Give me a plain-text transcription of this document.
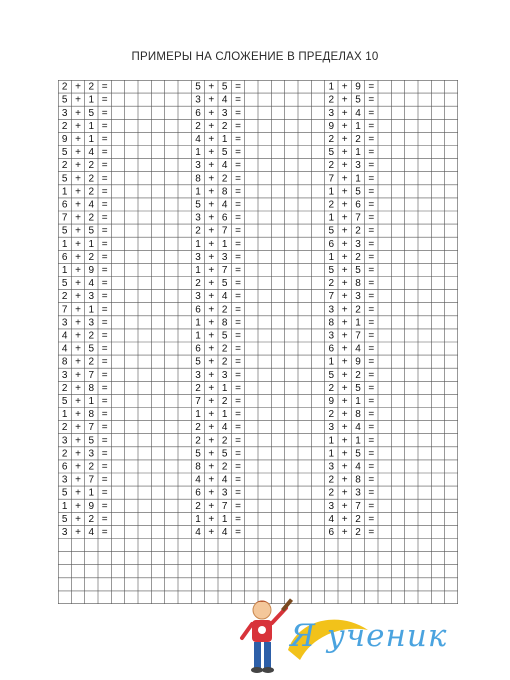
ПРИМЕРЫ НА СЛОЖЕНИЕ В ПРЕДЕЛАХ 10
2 + 2 =
5 + 1 =
3 + 5 =
2 + 1 =
9 + 1 =
5 + 4 =
2 + 2 =
5 + 2 =
1 + 2 =
6 + 4 =
7 + 2 =
5 + 5 =
1 + 1 =
6 + 2 =
1 + 9 =
5 + 4 =
2 + 3 =
7 + 1 =
3 + 3 =
4 + 2 =
4 + 5 =
8 + 2 =
3 + 7 =
2 + 8 =
5 + 1 =
1 + 8 =
2 + 7 =
3 + 5 =
2 + 3 =
6 + 2 =
3 + 7 =
5 + 1 =
1 + 9 =
5 + 2 =
3 + 4 =
5 + 5 =
3 + 4 =
6 + 3 =
2 + 2 =
4 + 1 =
1 + 5 =
3 + 4 =
8 + 2 =
1 + 8 =
5 + 4 =
3 + 6 =
2 + 7 =
1 + 1 =
3 + 3 =
1 + 7 =
2 + 5 =
3 + 4 =
6 + 2 =
1 + 8 =
1 + 5 =
6 + 2 =
5 + 2 =
3 + 3 =
2 + 1 =
7 + 2 =
1 + 1 =
2 + 4 =
2 + 2 =
5 + 5 =
8 + 2 =
4 + 4 =
6 + 3 =
2 + 7 =
1 + 1 =
4 + 4 =
1 + 9 =
2 + 5 =
3 + 4 =
9 + 1 =
2 + 2 =
5 + 1 =
2 + 3 =
7 + 1 =
1 + 5 =
2 + 6 =
1 + 7 =
5 + 2 =
6 + 3 =
1 + 2 =
5 + 5 =
2 + 8 =
7 + 3 =
3 + 2 =
8 + 1 =
3 + 7 =
6 + 4 =
1 + 9 =
5 + 2 =
2 + 5 =
9 + 1 =
2 + 8 =
3 + 4 =
1 + 1 =
1 + 5 =
3 + 4 =
2 + 8 =
2 + 3 =
3 + 7 =
4 + 2 =
6 + 2 =
Я ученик
